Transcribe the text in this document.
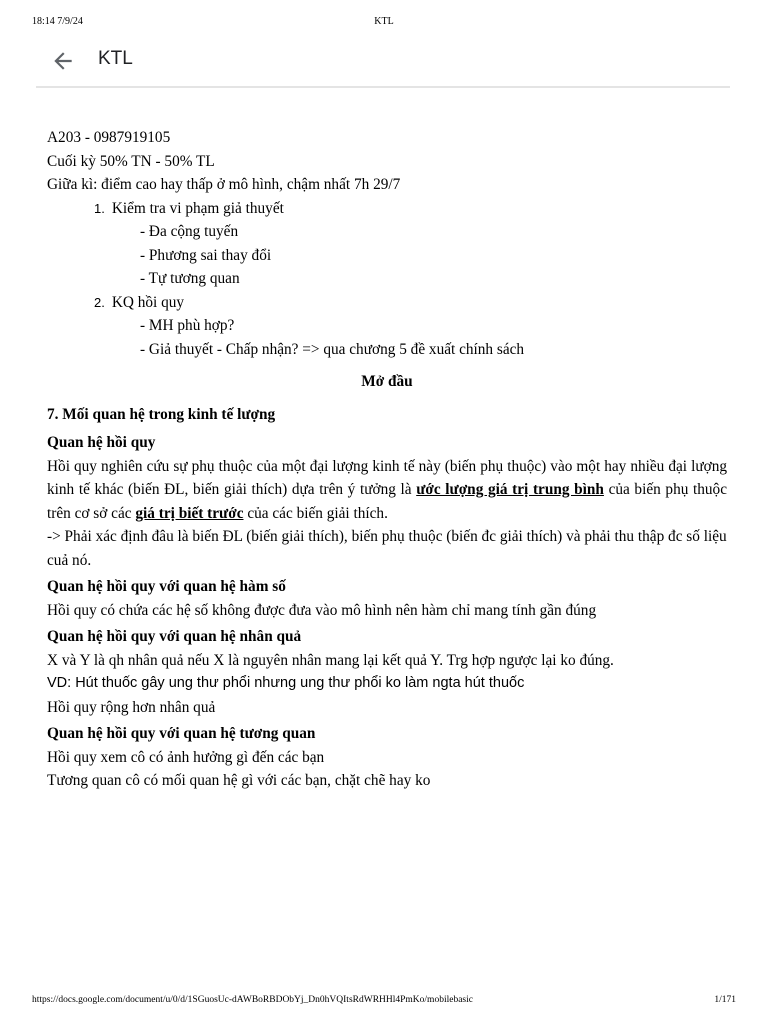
18:14 7/9/24	KTL
KTL

A203 - 0987919105

Cuối kỳ 50% TN - 50% TL

Giữa kì: điểm cao hay thấp ở mô hình, chậm nhất 7h 29/7

1. Kiểm tra vi phạm giả thuyết

- Đa cộng tuyến

- Phương sai thay đổi

- Tự tương quan

2. KQ hồi quy

- MH phù hợp?

- Giả thuyết - Chấp nhận? => qua chương 5 đề xuất chính sách

Mở đầu

7. Mối quan hệ trong kinh tế lượng

Quan hệ hồi quy

Hồi quy nghiên cứu sự phụ thuộc của một đại lượng kinh tế này (biến phụ thuộc) vào một hay nhiều đại lượng kinh tế khác (biến ĐL, biến giải thích) dựa trên ý tưởng là ước lượng giá trị trung bình của biến phụ thuộc trên cơ sở các giá trị biết trước của các biến giải thích.

-> Phải xác định đâu là biến ĐL (biến giải thích), biến phụ thuộc (biến đc giải thích) và phải thu thập đc số liệu cuả nó.

Quan hệ hồi quy với quan hệ hàm số

Hồi quy có chứa các hệ số không được đưa vào mô hình nên hàm chỉ mang tính gần đúng

Quan hệ hồi quy với quan hệ nhân quả

X và Y là qh nhân quả nếu X là nguyên nhân mang lại kết quả Y. Trg hợp ngược lại ko đúng.

VD: Hút thuốc gây ung thư phổi nhưng ung thư phổi ko làm ngta hút thuốc

Hồi quy rộng hơn nhân quả

Quan hệ hồi quy với quan hệ tương quan

Hồi quy xem cô có ảnh hưởng gì đến các bạn

Tương quan cô có mối quan hệ gì với các bạn, chặt chẽ hay ko

https://docs.google.com/document/u/0/d/1SGuosUc-dAWBoRBDObYj_Dn0hVQItsRdWRHHl4PmKo/mobilebasic	1/171
